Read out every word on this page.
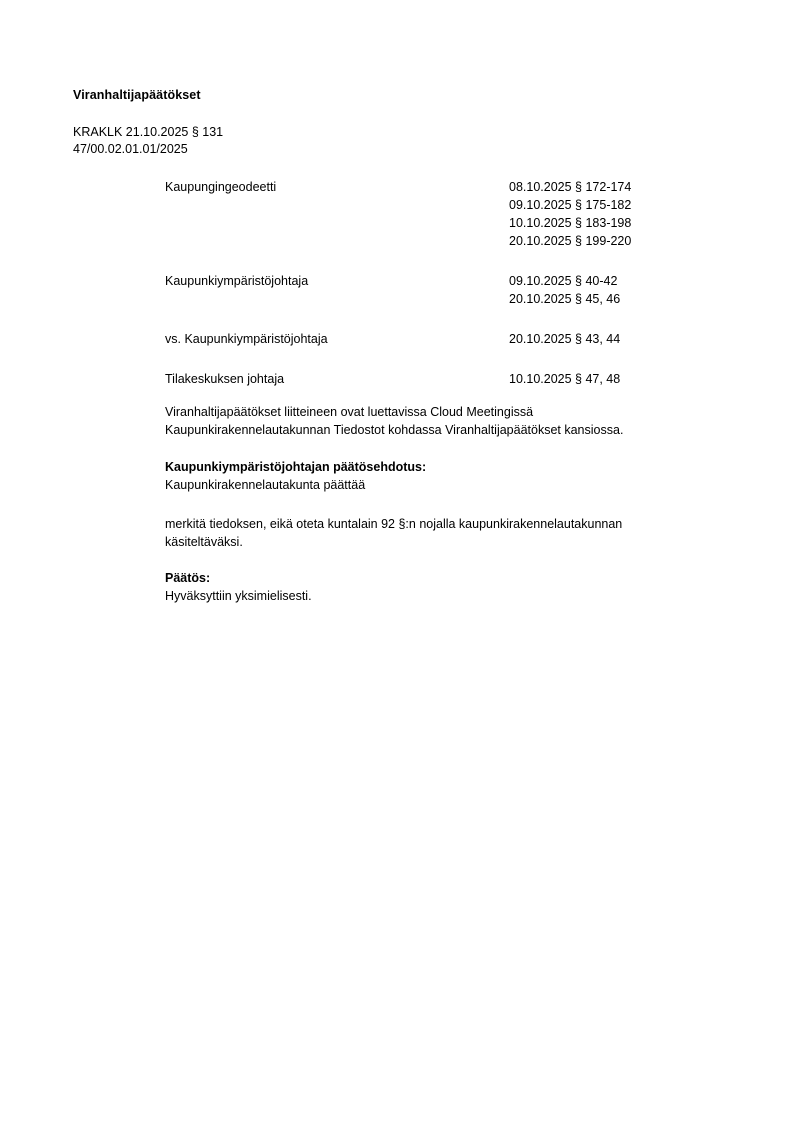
Viranhaltijapäätökset
KRAKLK 21.10.2025 § 131
47/00.02.01.01/2025
Kaupungingeodeetti	08.10.2025 § 172-174
09.10.2025 § 175-182
10.10.2025 § 183-198
20.10.2025 § 199-220
Kaupunkiympäristöjohtaja	09.10.2025 § 40-42
20.10.2025 § 45, 46
vs. Kaupunkiympäristöjohtaja	20.10.2025 § 43, 44
Tilakeskuksen johtaja	10.10.2025 § 47, 48

Viranhaltijapäätökset liitteineen ovat luettavissa Cloud Meetingissä

Kaupunkirakennelautakunnan Tiedostot kohdassa Viranhaltijapäätökset kansiossa.

Kaupunkiympäristöjohtajan päätösehdotus:

Kaupunkirakennelautakunta päättää

merkitä tiedoksen, eikä oteta kuntalain 92 §:n nojalla kaupunkirakennelautakunnan

käsiteltäväksi.

Päätös:

Hyväksyttiin yksimielisesti.
